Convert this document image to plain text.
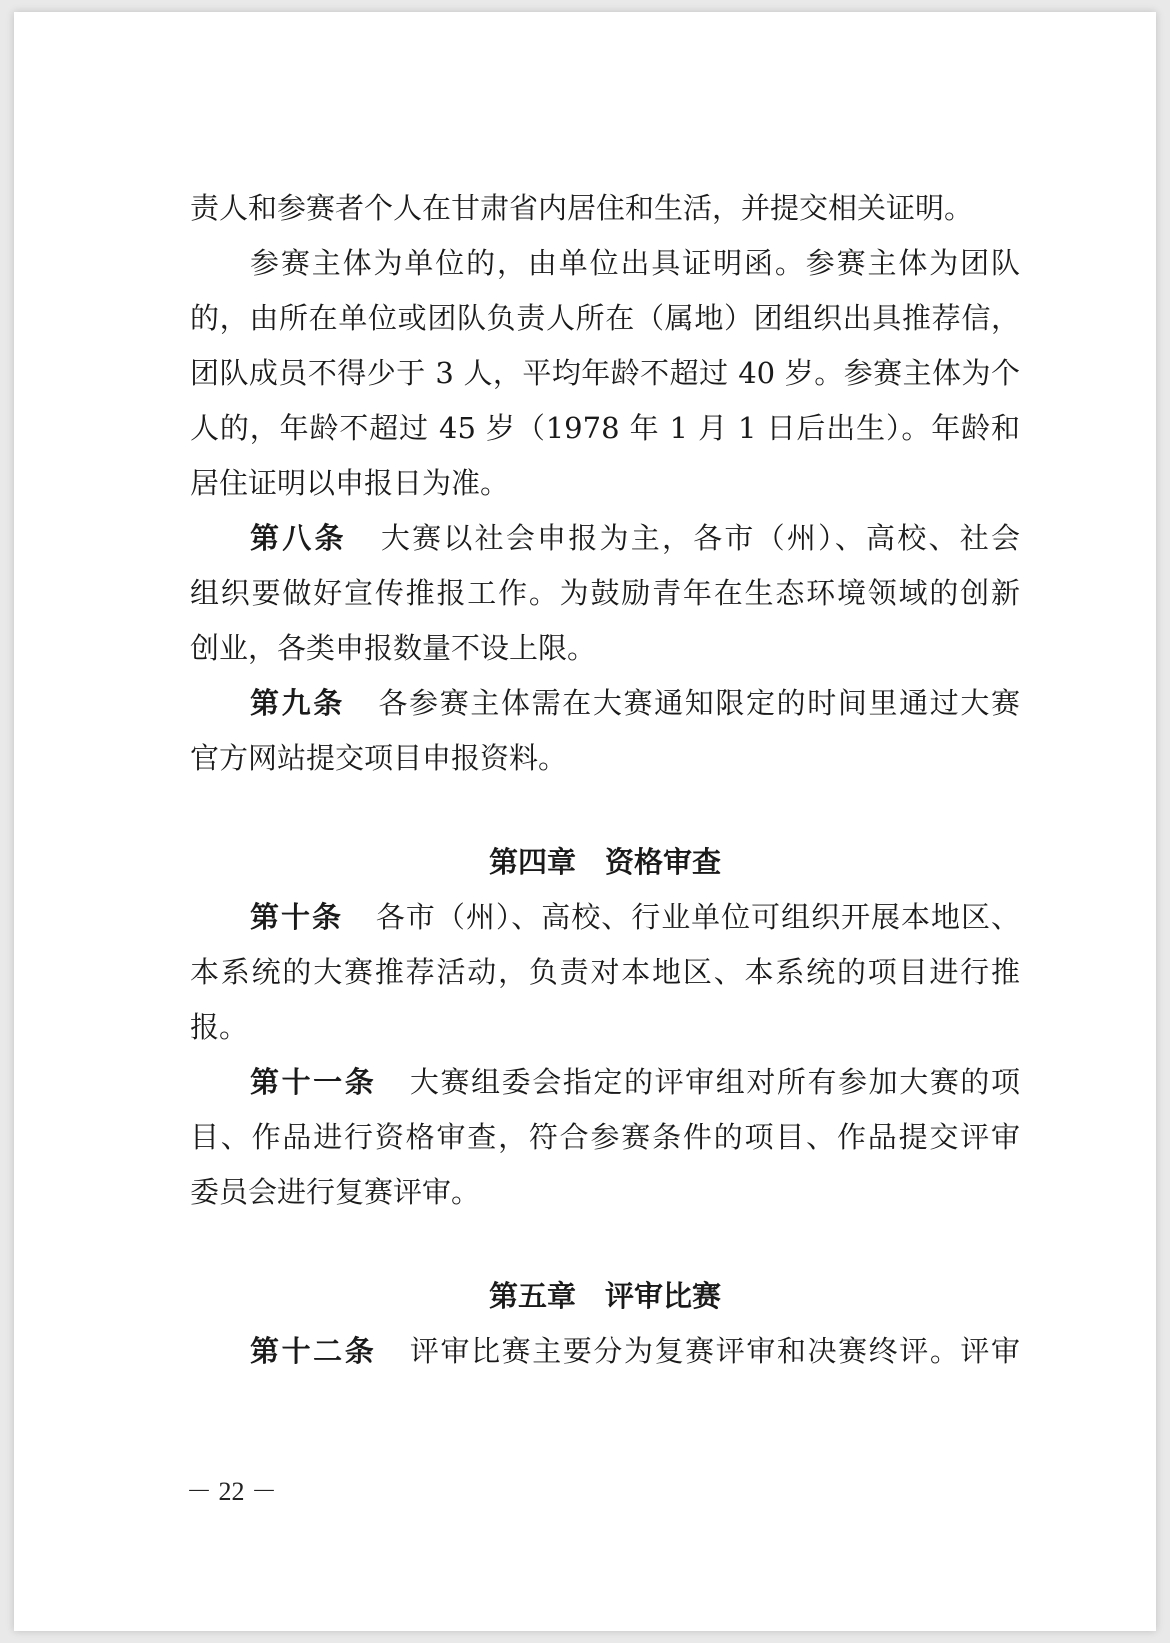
责人和参赛者个人在甘肃省内居住和生活，并提交相关证明。
参赛主体为单位的，由单位出具证明函。参赛主体为团队
的，由所在单位或团队负责人所在（属地）团组织出具推荐信，
团队成员不得少于 3 人，平均年龄不超过 40 岁。参赛主体为个
人的，年龄不超过 45 岁（1978 年 1 月 1 日后出生）。年龄和
居住证明以申报日为准。
第八条 大赛以社会申报为主，各市（州）、高校、社会
组织要做好宣传推报工作。为鼓励青年在生态环境领域的创新
创业，各类申报数量不设上限。
第九条 各参赛主体需在大赛通知限定的时间里通过大赛
官方网站提交项目申报资料。
第四章　资格审查
第十条 各市（州）、高校、行业单位可组织开展本地区、
本系统的大赛推荐活动，负责对本地区、本系统的项目进行推
报。
第十一条 大赛组委会指定的评审组对所有参加大赛的项
目、作品进行资格审查，符合参赛条件的项目、作品提交评审
委员会进行复赛评审。
第五章　评审比赛
第十二条 评审比赛主要分为复赛评审和决赛终评。评审
－ 22 －
